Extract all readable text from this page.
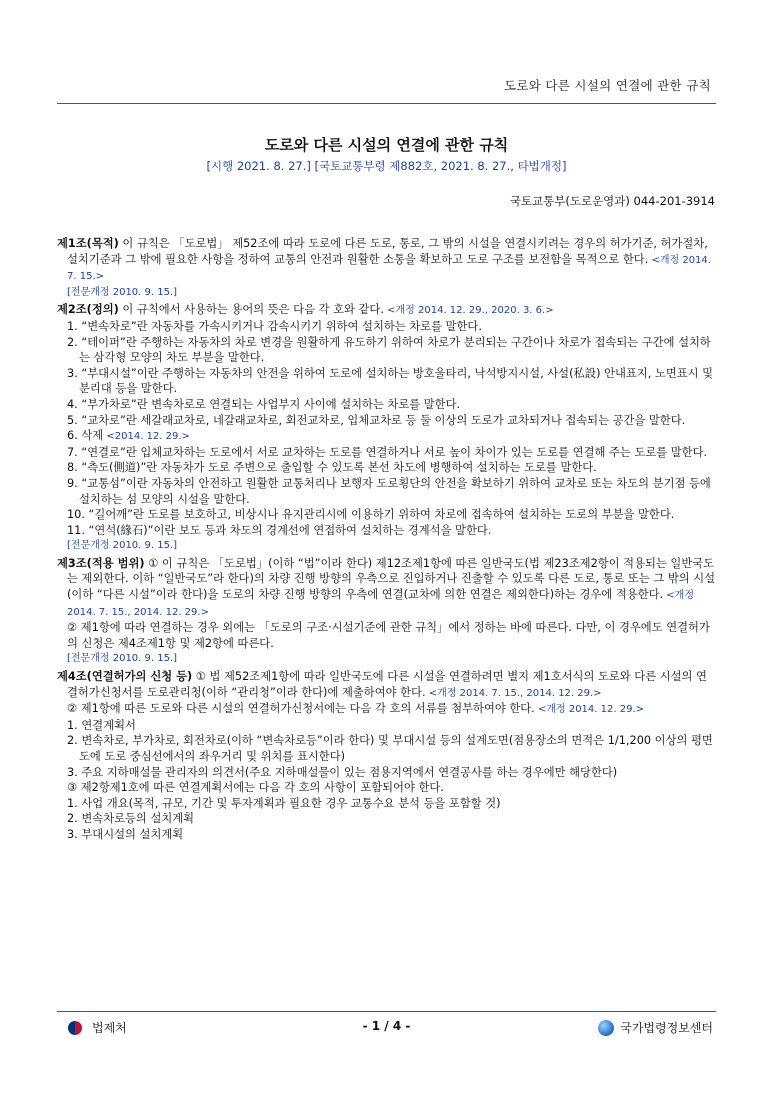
도로와 다른 시설의 연결에 관한 규칙
도로와 다른 시설의 연결에 관한 규칙
[시행 2021. 8. 27.] [국토교통부령 제882호, 2021. 8. 27., 타법개정]
국토교통부(도로운영과) 044-201-3914
제1조(목적) 이 규칙은 「도로법」 제52조에 따라 도로에 다른 도로, 통로, 그 밖의 시설을 연결시키려는 경우의 허가기준, 허가절차, 설치기준과 그 밖에 필요한 사항을 정하여 교통의 안전과 원활한 소통을 확보하고 도로 구조를 보전함을 목적으로 한다. <개정 2014. 7. 15.>
[전문개정 2010. 9. 15.]
제2조(정의) 이 규칙에서 사용하는 용어의 뜻은 다음 각 호와 같다. <개정 2014. 12. 29., 2020. 3. 6.>
1. “변속차로”란 자동차를 가속시키거나 감속시키기 위하여 설치하는 차로를 말한다.
2. “테이퍼”란 주행하는 자동차의 차로 변경을 원활하게 유도하기 위하여 차로가 분리되는 구간이나 차로가 접속되는 구간에 설치하는 삼각형 모양의 차도 부분을 말한다.
3. “부대시설”이란 주행하는 자동차의 안전을 위하여 도로에 설치하는 방호울타리, 낙석방지시설, 사설(私設) 안내표지, 노면표시 및 분리대 등을 말한다.
4. “부가차로”란 변속차로로 연결되는 사업부지 사이에 설치하는 차로를 말한다.
5. “교차로”란 세갈래교차로, 네갈래교차로, 회전교차로, 입체교차로 등 둘 이상의 도로가 교차되거나 접속되는 공간을 말한다.
6. 삭제 <2014. 12. 29.>
7. “연결로”란 입체교차하는 도로에서 서로 교차하는 도로를 연결하거나 서로 높이 차이가 있는 도로를 연결해 주는 도로를 말한다.
8. “측도(側道)”란 자동차가 도로 주변으로 출입할 수 있도록 본선 차도에 병행하여 설치하는 도로를 말한다.
9. “교통섬”이란 자동차의 안전하고 원활한 교통처리나 보행자 도로횡단의 안전을 확보하기 위하여 교차로 또는 차도의 분기점 등에 설치하는 섬 모양의 시설을 말한다.
10. “길어깨”란 도로를 보호하고, 비상시나 유지관리시에 이용하기 위하여 차로에 접속하여 설치하는 도로의 부분을 말한다.
11. “연석(緣石)”이란 보도 등과 차도의 경계선에 연접하여 설치하는 경계석을 말한다.
[전문개정 2010. 9. 15.]
제3조(적용 범위) ① 이 규칙은 「도로법」(이하 “법”이라 한다) 제12조제1항에 따른 일반국도(법 제23조제2항이 적용되는 일반국도는 제외한다. 이하 “일반국도”라 한다)의 차량 진행 방향의 우측으로 진입하거나 진출할 수 있도록 다른 도로, 통로 또는 그 밖의 시설(이하 “다른 시설”이라 한다)을 도로의 차량 진행 방향의 우측에 연결(교차에 의한 연결은 제외한다)하는 경우에 적용한다. <개정 2014. 7. 15., 2014. 12. 29.>
② 제1항에 따라 연결하는 경우 외에는 「도로의 구조·시설기준에 관한 규칙」에서 정하는 바에 따른다. 다만, 이 경우에도 연결허가의 신청은 제4조제1항 및 제2항에 따른다.
[전문개정 2010. 9. 15.]
제4조(연결허가의 신청 등) ① 법 제52조제1항에 따라 일반국도에 다른 시설을 연결하려면 별지 제1호서식의 도로와 다른 시설의 연결허가신청서를 도로관리청(이하 “관리청”이라 한다)에 제출하여야 한다. <개정 2014. 7. 15., 2014. 12. 29.>
② 제1항에 따른 도로와 다른 시설의 연결허가신청서에는 다음 각 호의 서류를 첨부하여야 한다. <개정 2014. 12. 29.>
1. 연결계획서
2. 변속차로, 부가차로, 회전차로(이하 “변속차로등”이라 한다) 및 부대시설 등의 설계도면(점용장소의 면적은 1/1,200 이상의 평면도에 도로 중심선에서의 좌우거리 및 위치를 표시한다)
3. 주요 지하매설물 관리자의 의견서(주요 지하매설물이 있는 점용지역에서 연결공사를 하는 경우에만 해당한다)
③ 제2항제1호에 따른 연결계획서에는 다음 각 호의 사항이 포함되어야 한다.
1. 사업 개요(목적, 규모, 기간 및 투자계획과 필요한 경우 교통수요 분석 등을 포함할 것)
2. 변속차로등의 설치계획
3. 부대시설의 설치계획
법제처	- 1 / 4 -	국가법령정보센터
